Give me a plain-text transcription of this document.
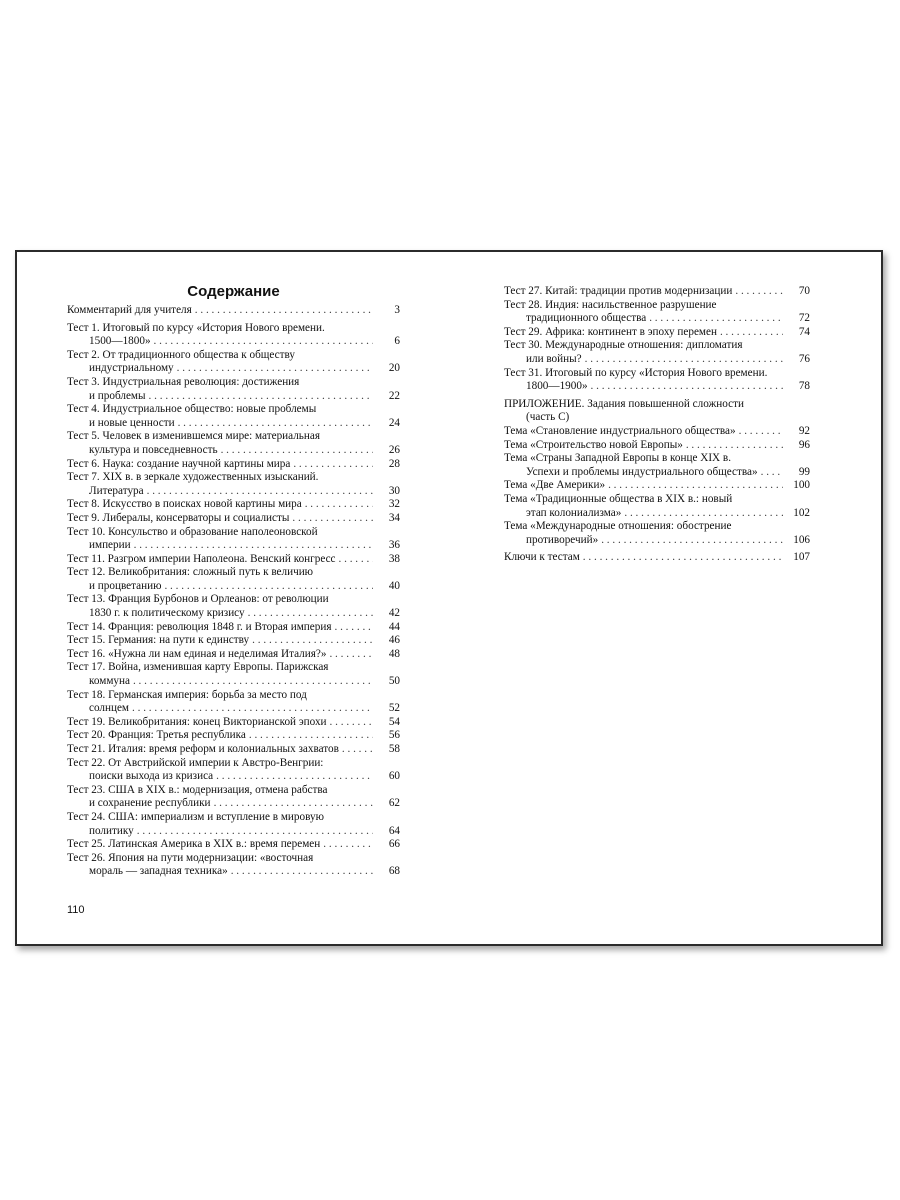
Содержание
Комментарий для учителя . . .	3
Тест 1. Итоговый по курсу «История Нового времени.
1500—1800» . . .	6
Тест 2. От традиционного общества к обществу
индустриальному . . .	20
Тест 3. Индустриальная революция: достижения
и проблемы . . .	22
Тест 4. Индустриальное общество: новые проблемы
и новые ценности . . .	24
Тест 5. Человек в изменившемся мире: материальная
культура и повседневность . . .	26
Тест 6. Наука: создание научной картины мира . . .	28
Тест 7. XIX в. в зеркале художественных изысканий.
Литература . . .	30
Тест 8. Искусство в поисках новой картины мира . . .	32
Тест 9. Либералы, консерваторы и социалисты . . .	34
Тест 10. Консульство и образование наполеоновской
империи . . .	36
Тест 11. Разгром империи Наполеона. Венский конгресс . . .	38
Тест 12. Великобритания: сложный путь к величию
и процветанию . . .	40
Тест 13. Франция Бурбонов и Орлеанов: от революции
1830 г. к политическому кризису . . .	42
Тест 14. Франция: революция 1848 г. и Вторая империя . . .	44
Тест 15. Германия: на пути к единству . . .	46
Тест 16. «Нужна ли нам единая и неделимая Италия?» . . .	48
Тест 17. Война, изменившая карту Европы. Парижская
коммуна . . .	50
Тест 18. Германская империя: борьба за место под
солнцем . . .	52
Тест 19. Великобритания: конец Викторианской эпохи . . .	54
Тест 20. Франция: Третья республика . . .	56
Тест 21. Италия: время реформ и колониальных захватов . . .	58
Тест 22. От Австрийской империи к Австро-Венгрии:
поиски выхода из кризиса . . .	60
Тест 23. США в XIX в.: модернизация, отмена рабства
и сохранение республики . . .	62
Тест 24. США: империализм и вступление в мировую
политику . . .	64
Тест 25. Латинская Америка в XIX в.: время перемен . . .	66
Тест 26. Япония на пути модернизации: «восточная
мораль — западная техника» . . .	68
Тест 27. Китай: традиции против модернизации . . .	70
Тест 28. Индия: насильственное разрушение
традиционного общества . . .	72
Тест 29. Африка: континент в эпоху перемен . . .	74
Тест 30. Международные отношения: дипломатия
или войны? . . .	76
Тест 31. Итоговый по курсу «История Нового времени.
1800—1900» . . .	78
ПРИЛОЖЕНИЕ. Задания повышенной сложности
(часть С)
Тема «Становление индустриального общества» . . .	92
Тема «Строительство новой Европы» . . .	96
Тема «Страны Западной Европы в конце XIX в.
Успехи и проблемы индустриального общества» . . .	99
Тема «Две Америки» . . .	100
Тема «Традиционные общества в XIX в.: новый
этап колониализма» . . .	102
Тема «Международные отношения: обострение
противоречий» . . .	106
Ключи к тестам . . .	107
110
